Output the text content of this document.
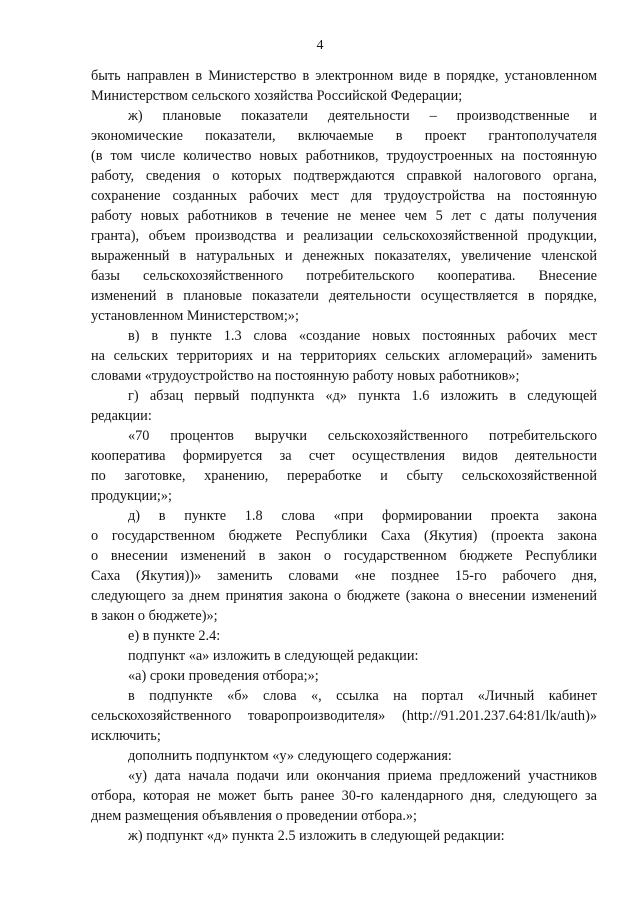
4
быть направлен в Министерство в электронном виде в порядке, установленном
Министерством сельского хозяйства Российской Федерации;
ж) плановые показатели деятельности – производственные и
экономические показатели, включаемые в проект грантополучателя
(в том числе количество новых работников, трудоустроенных на постоянную
работу, сведения о которых подтверждаются справкой налогового органа,
сохранение созданных рабочих мест для трудоустройства на постоянную
работу новых работников в течение не менее чем 5 лет с даты получения
гранта), объем производства и реализации сельскохозяйственной продукции,
выраженный в натуральных и денежных показателях, увеличение членской
базы сельскохозяйственного потребительского кооператива. Внесение
изменений в плановые показатели деятельности осуществляется в порядке,
установленном Министерством;»;
в) в пункте 1.3 слова «создание новых постоянных рабочих мест
на сельских территориях и на территориях сельских агломераций» заменить
словами «трудоустройство на постоянную работу новых работников»;
г) абзац первый подпункта «д» пункта 1.6 изложить в следующей
редакции:
«70 процентов выручки сельскохозяйственного потребительского
кооператива формируется за счет осуществления видов деятельности
по заготовке, хранению, переработке и сбыту сельскохозяйственной
продукции;»;
д) в пункте 1.8 слова «при формировании проекта закона
о государственном бюджете Республики Саха (Якутия) (проекта закона
о внесении изменений в закон о государственном бюджете Республики
Саха (Якутия))» заменить словами «не позднее 15-го рабочего дня,
следующего за днем принятия закона о бюджете (закона о внесении изменений
в закон о бюджете)»;
е) в пункте 2.4:
подпункт «а» изложить в следующей редакции:
«а) сроки проведения отбора;»;
в подпункте «б» слова «, ссылка на портал «Личный кабинет
сельскохозяйственного товаропроизводителя» (http://91.201.237.64:81/lk/auth)»
исключить;
дополнить подпунктом «у» следующего содержания:
«у) дата начала подачи или окончания приема предложений участников
отбора, которая не может быть ранее 30-го календарного дня, следующего за
днем размещения объявления о проведении отбора.»;
ж) подпункт «д» пункта 2.5 изложить в следующей редакции:
